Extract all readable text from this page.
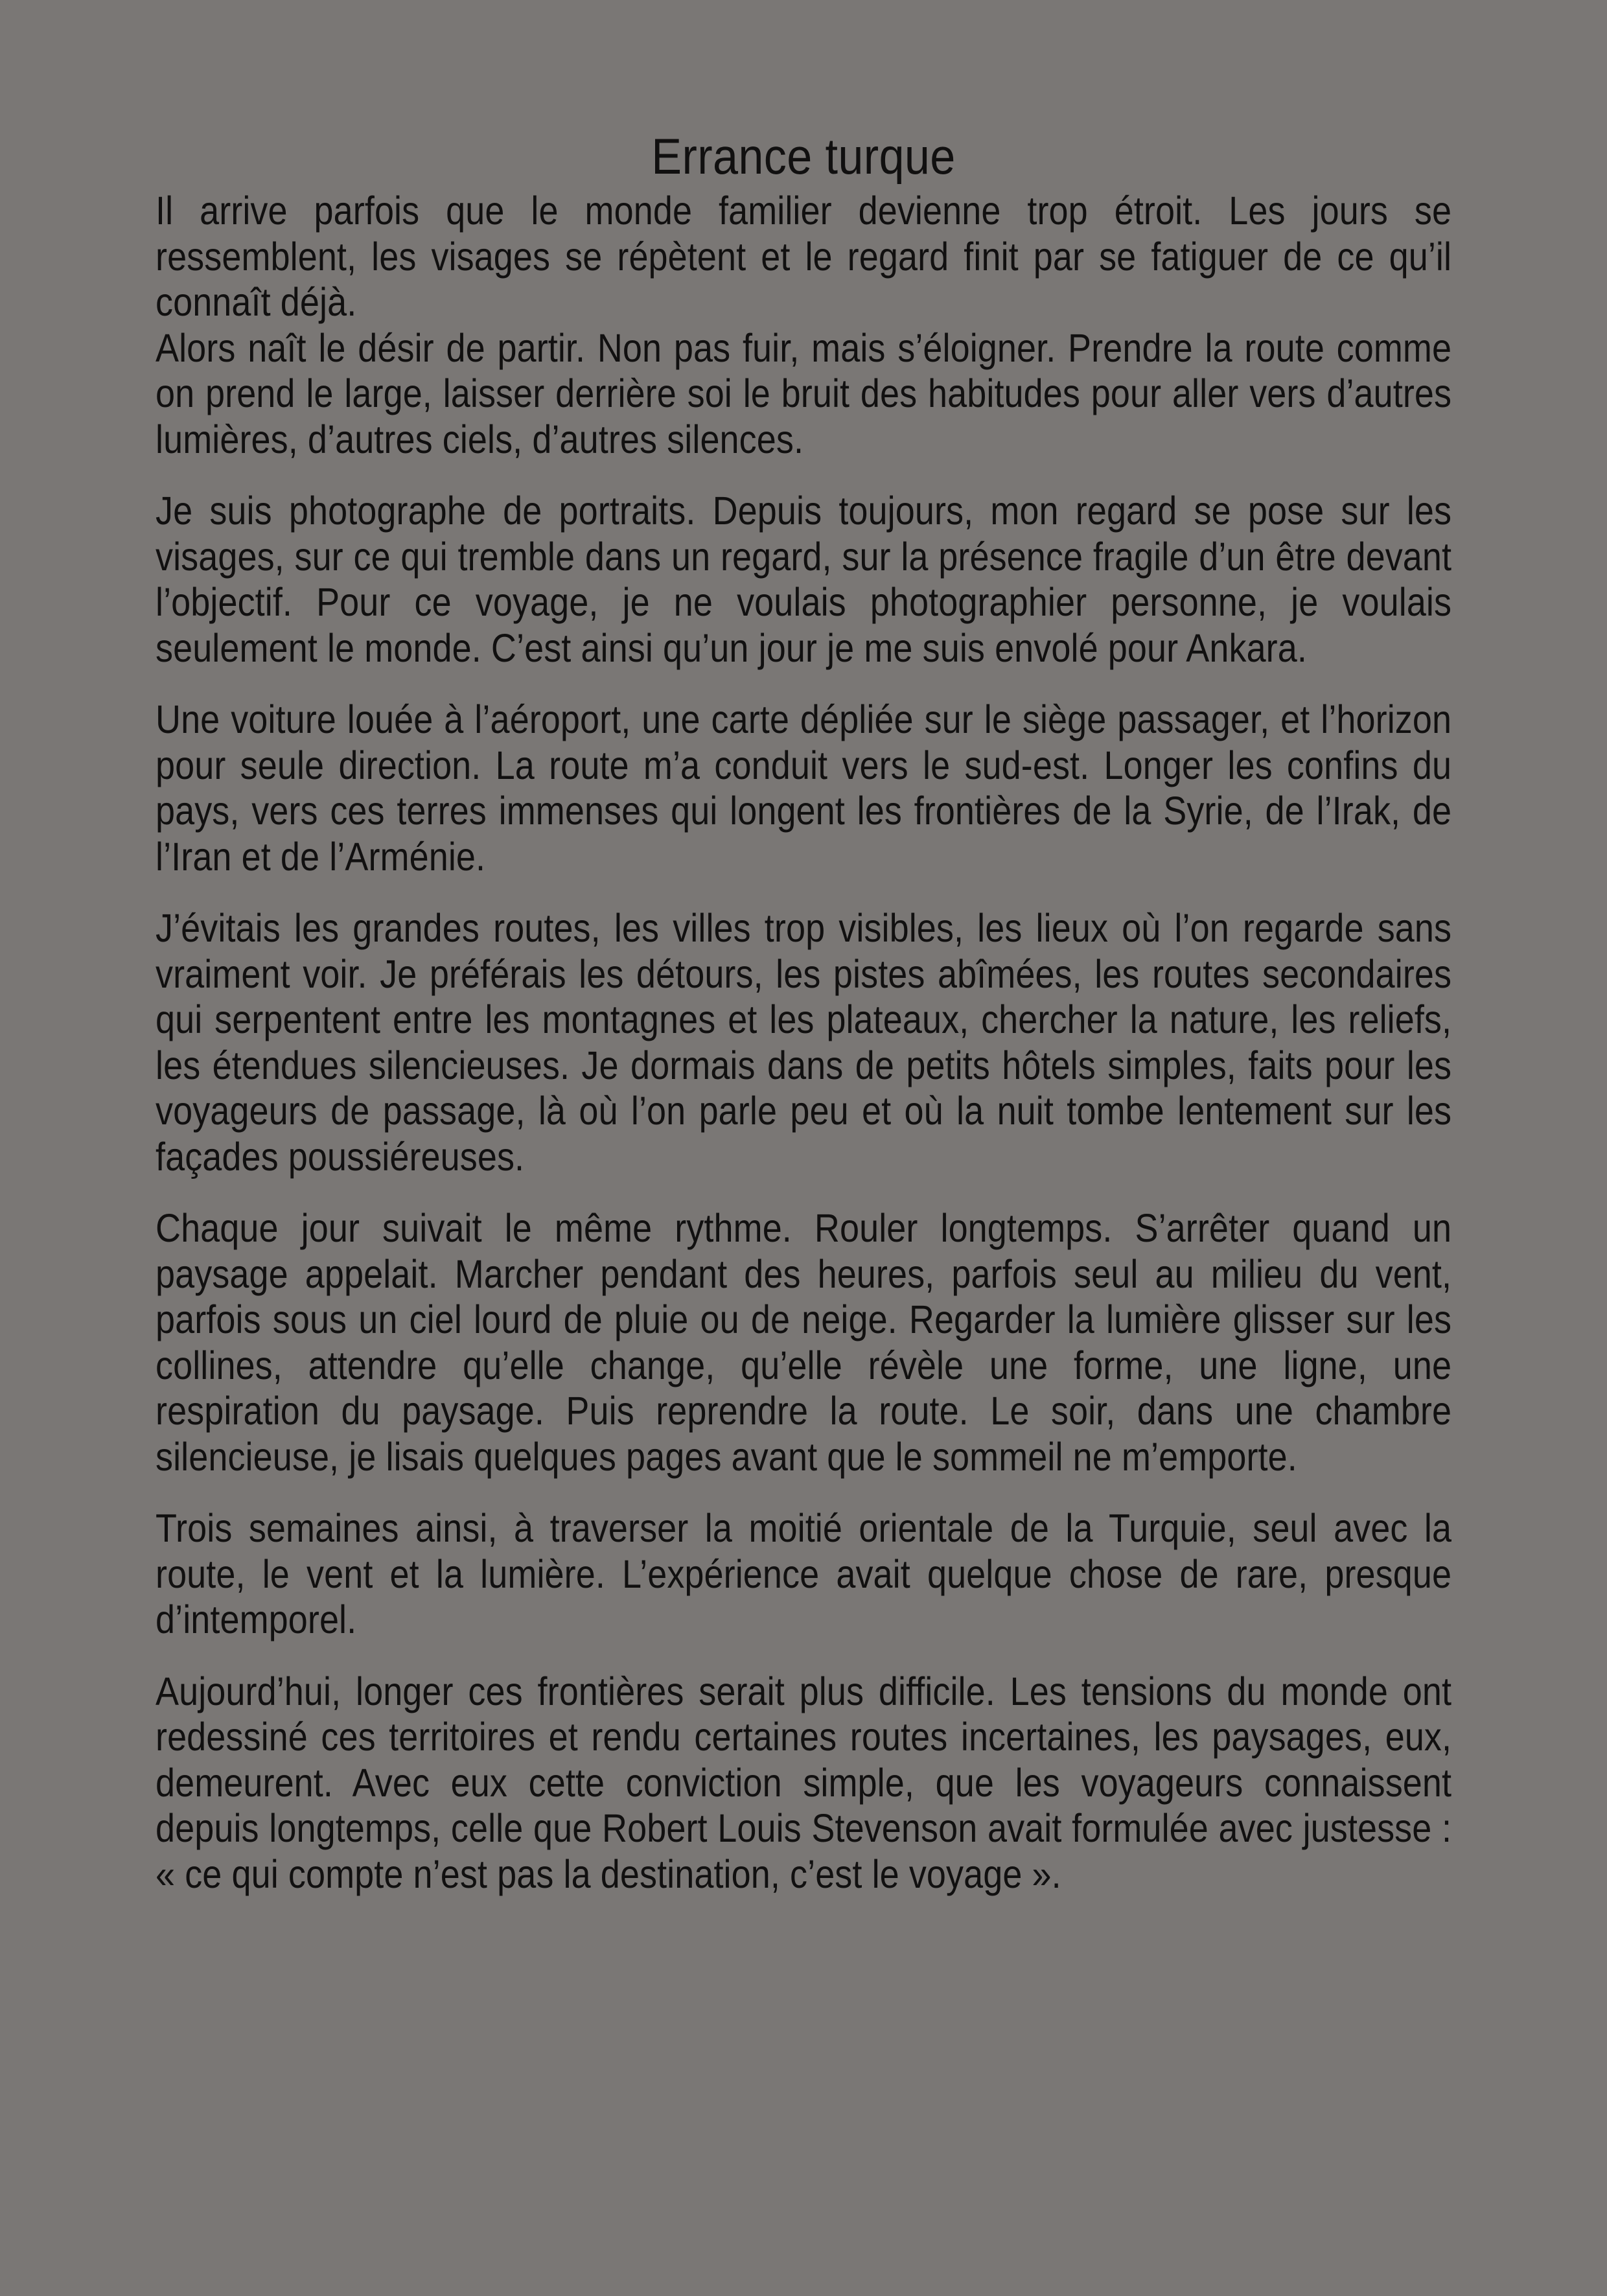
Errance turque

Il arrive parfois que le monde familier devienne trop étroit. Les jours se ressemblent, les visages se répètent et le regard finit par se fatiguer de ce qu’il connaît déjà.

Alors naît le désir de partir. Non pas fuir, mais s’éloigner. Prendre la route comme on prend le large, laisser derrière soi le bruit des habitudes pour aller vers d’autres lumières, d’autres ciels, d’autres silences.

Je suis photographe de portraits. Depuis toujours, mon regard se pose sur les visages, sur ce qui tremble dans un regard, sur la présence fragile d’un être devant l’objectif. Pour ce voyage, je ne voulais photographier personne, je voulais seulement le monde. C’est ainsi qu’un jour je me suis envolé pour Ankara.

Une voiture louée à l’aéroport, une carte dépliée sur le siège passager, et l’horizon pour seule direction. La route m’a conduit vers le sud-est. Longer les confins du pays, vers ces terres immenses qui longent les frontières de la Syrie, de l’Irak, de l’Iran et de l’Arménie.

J’évitais les grandes routes, les villes trop visibles, les lieux où l’on regarde sans vraiment voir. Je préférais les détours, les pistes abîmées, les routes secondaires qui serpentent entre les montagnes et les plateaux, chercher la nature, les reliefs, les étendues silencieuses. Je dormais dans de petits hôtels simples, faits pour les voyageurs de passage, là où l’on parle peu et où la nuit tombe lentement sur les façades poussiéreuses.

Chaque jour suivait le même rythme. Rouler longtemps. S’arrêter quand un paysage appelait. Marcher pendant des heures, parfois seul au milieu du vent, parfois sous un ciel lourd de pluie ou de neige. Regarder la lumière glisser sur les collines, attendre qu’elle change, qu’elle révèle une forme, une ligne, une respiration du paysage. Puis reprendre la route. Le soir, dans une chambre silencieuse, je lisais quelques pages avant que le sommeil ne m’emporte.

Trois semaines ainsi, à traverser la moitié orientale de la Turquie, seul avec la route, le vent et la lumière. L’expérience avait quelque chose de rare, presque d’intemporel.

Aujourd’hui, longer ces frontières serait plus difficile. Les tensions du monde ont redessiné ces territoires et rendu certaines routes incertaines, les paysages, eux, demeurent. Avec eux cette conviction simple, que les voyageurs connaissent depuis longtemps, celle que Robert Louis Stevenson avait formulée avec justesse : « ce qui compte n’est pas la destination, c’est le voyage ».
